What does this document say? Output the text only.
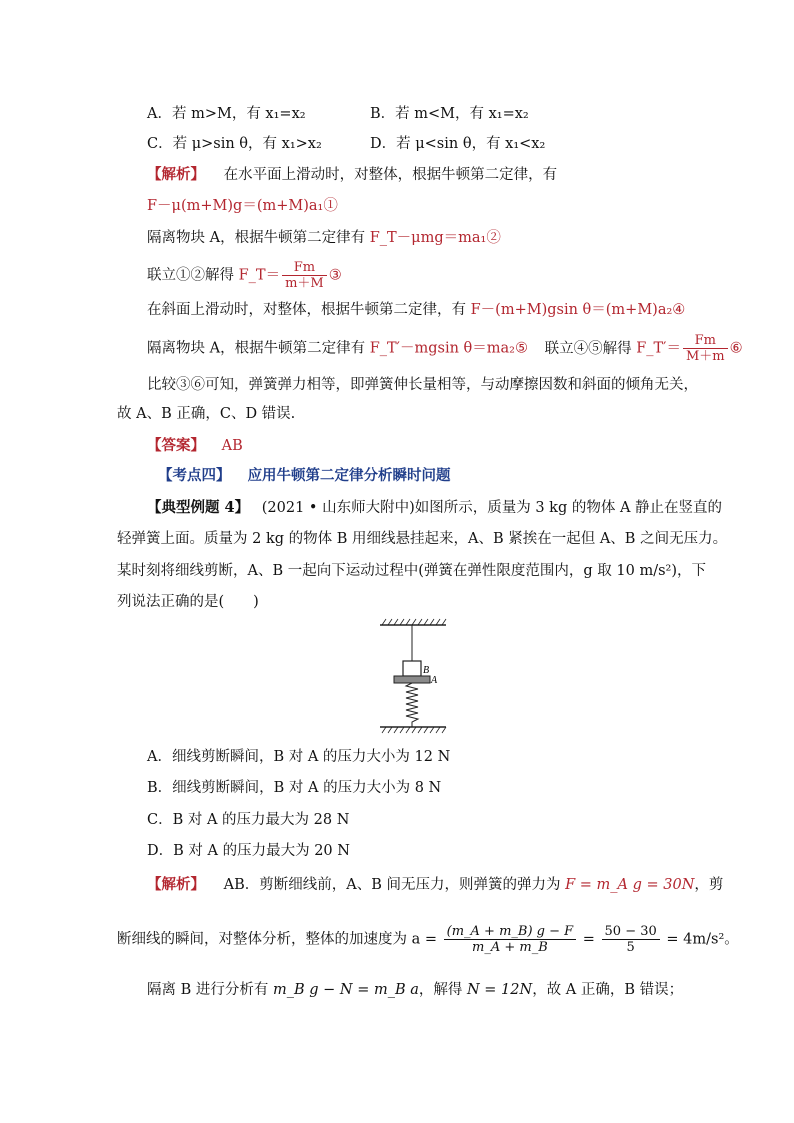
A．若 m>M，有 x₁=x₂	B．若 m<M，有 x₁=x₂
C．若 μ>sin θ，有 x₁>x₂	D．若 μ<sin θ，有 x₁<x₂
【解析】 在水平面上滑动时，对整体，根据牛顿第二定律，有
F－μ(m+M)g＝(m+M)a₁①
隔离物块 A，根据牛顿第二定律有 F_T－μmg＝ma₁②
联立①②解得 F_T＝ $\frac{Fm}{m+M}$ ③
在斜面上滑动时，对整体，根据牛顿第二定律，有 F－(m+M)gsin θ＝(m+M)a₂④
隔离物块 A，根据牛顿第二定律有 F_T′－mgsin θ＝ma₂⑤ 联立④⑤解得 F_T′＝ $\frac{Fm}{M+m}$ ⑥
比较③⑥可知，弹簧弹力相等，即弹簧伸长量相等，与动摩擦因数和斜面的倾角无关，
故 A、B 正确，C、D 错误.
【答案】 AB
【考点四】 应用牛顿第二定律分析瞬时问题
【典型例题 4】 (2021 • 山东师大附中)如图所示，质量为 3 kg 的物体 A 静止在竖直的
轻弹簧上面。质量为 2 kg 的物体 B 用细线悬挂起来，A、B 紧挨在一起但 A、B 之间无压力。
某时刻将细线剪断，A、B 一起向下运动过程中(弹簧在弹性限度范围内，g 取 10 m/s²)，下
列说法正确的是(　　)
B
A
A．细线剪断瞬间，B 对 A 的压力大小为 12 N
B．细线剪断瞬间，B 对 A 的压力大小为 8 N
C．B 对 A 的压力最大为 28 N
D．B 对 A 的压力最大为 20 N
【解析】 AB．剪断细线前，A、B 间无压力，则弹簧的弹力为 F = m_A g = 30N，剪
断细线的瞬间，对整体分析，整体的加速度为 $a = \frac{(m\_A + m\_B) g - F}{m\_A + m\_B} = \frac{50 - 30}{5} = 4m/s^2$。
隔离 B 进行分析有 m_B g − N = m_B a，解得 N = 12N，故 A 正确，B 错误；
